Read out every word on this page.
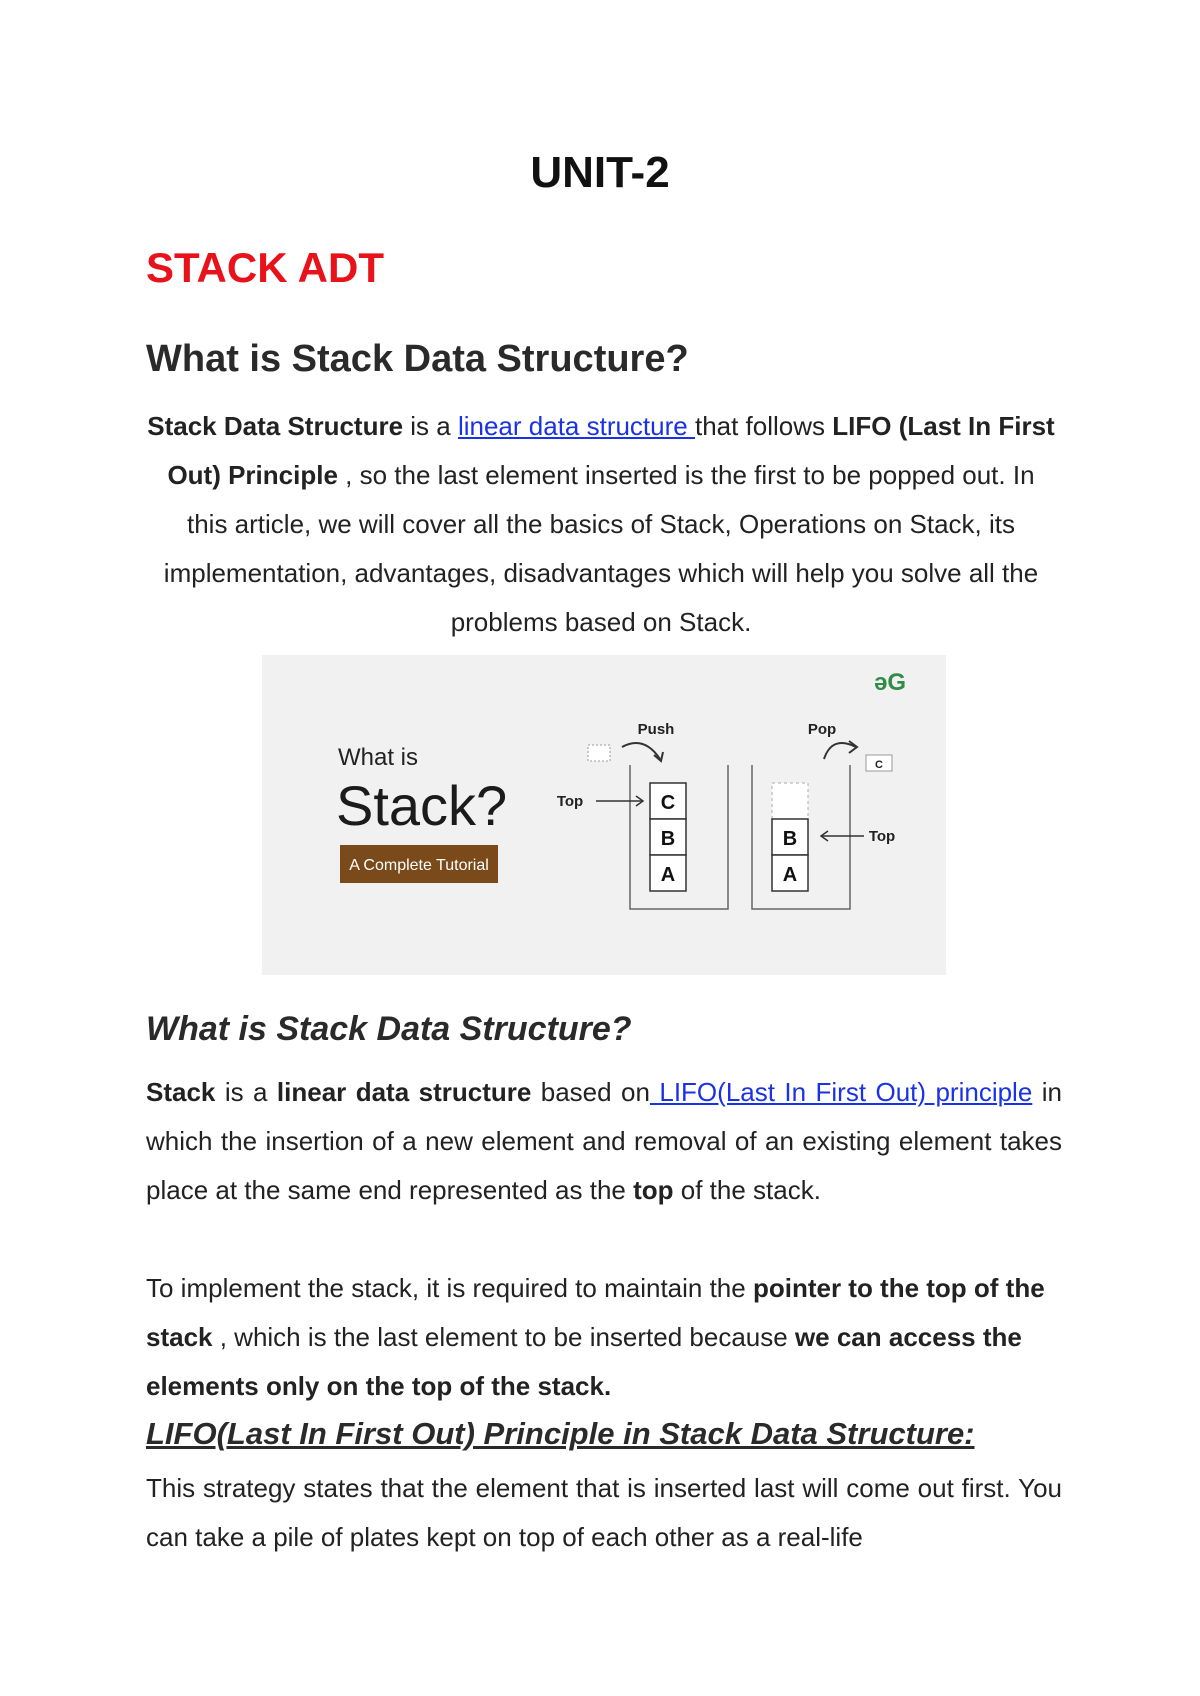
UNIT-2
STACK ADT
What is Stack Data Structure?
Stack Data Structure is a linear data structure that follows LIFO (Last In First Out) Principle , so the last element inserted is the first to be popped out. In this article, we will cover all the basics of Stack, Operations on Stack, its implementation, advantages, disadvantages which will help you solve all the problems based on Stack.
əG
What is
Stack?
A Complete Tutorial
C
B
A
Push
Top
B
A
Pop
C
Top
What is Stack Data Structure?
Stack is a linear data structure based on LIFO(Last In First Out) principle in which the insertion of a new element and removal of an existing element takes place at the same end represented as the top of the stack.
To implement the stack, it is required to maintain the pointer to the top of the stack , which is the last element to be inserted because we can access the elements only on the top of the stack.
LIFO(Last In First Out) Principle in Stack Data Structure:
This strategy states that the element that is inserted last will come out first. You can take a pile of plates kept on top of each other as a real-life
